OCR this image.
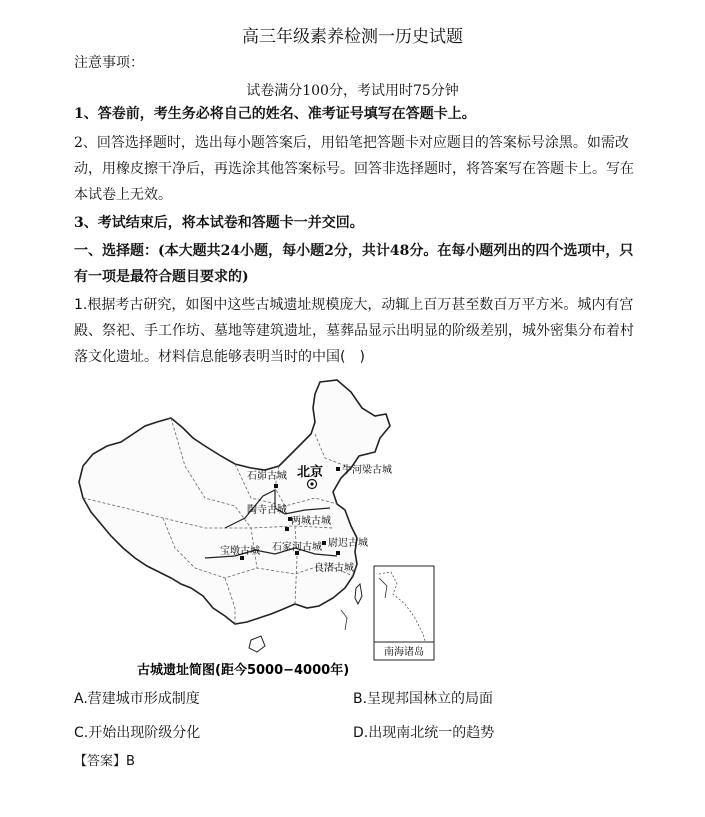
高三年级素养检测一历史试题
注意事项：
试卷满分100分，考试用时75分钟
1、答卷前，考生务必将自己的姓名、准考证号填写在答题卡上。
2、回答选择题时，选出每小题答案后，用铅笔把答题卡对应题目的答案标号涂黑。如需改动，用橡皮擦干净后，再选涂其他答案标号。回答非选择题时，将答案写在答题卡上。写在本试卷上无效。
3、考试结束后，将本试卷和答题卡一并交回。
一、选择题：(本大题共24小题，每小题2分，共计48分。在每小题列出的四个选项中，只有一项是最符合题目要求的)
1.根据考古研究，如图中这些古城遗址规模庞大，动辄上百万甚至数百万平方米。城内有宫殿、祭祀、手工作坊、墓地等建筑遗址，墓葬品显示出明显的阶级差别，城外密集分布着村落文化遗址。材料信息能够表明当时的中国(　)
南海诸岛
北京 牛河梁古城
石峁古城
陶寺古城
两城古城
尉迟古城
宝墩古城 石家河古城
良渚古城
古城遗址简图(距今5000−4000年)
A.营建城市形成制度	B.呈现邦国林立的局面
C.开始出现阶级分化	D.出现南北统一的趋势
【答案】B
